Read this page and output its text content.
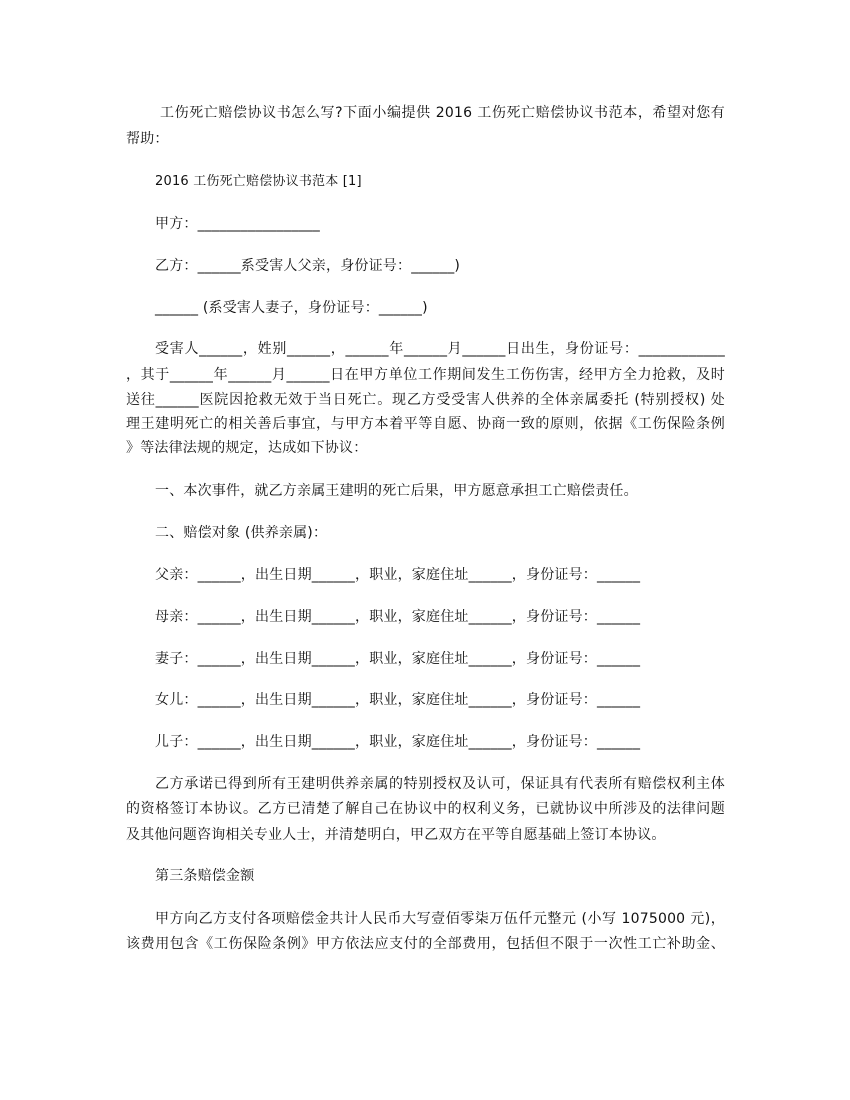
工伤死亡赔偿协议书怎么写?下面小编提供 2016 工伤死亡赔偿协议书范本，希望对您有
帮助：
2016 工伤死亡赔偿协议书范本 [1]
甲方：_________________
乙方：______系受害人父亲，身份证号：______)
______ (系受害人妻子，身份证号：______)
受害人______，姓别______，______年______月______日出生，身份证号：____________
，其于______年______月______日在甲方单位工作期间发生工伤伤害，经甲方全力抢救，及时
送往______医院因抢救无效于当日死亡。现乙方受受害人供养的全体亲属委托 (特别授权) 处
理王建明死亡的相关善后事宜，与甲方本着平等自愿、协商一致的原则，依据《工伤保险条例
》等法律法规的规定，达成如下协议：
一、本次事件，就乙方亲属王建明的死亡后果，甲方愿意承担工亡赔偿责任。
二、赔偿对象 (供养亲属)：
父亲：______，出生日期______，职业，家庭住址______，身份证号：______
母亲：______，出生日期______，职业，家庭住址______，身份证号：______
妻子：______，出生日期______，职业，家庭住址______，身份证号：______
女儿：______，出生日期______，职业，家庭住址______，身份证号：______
儿子：______，出生日期______，职业，家庭住址______，身份证号：______
乙方承诺已得到所有王建明供养亲属的特别授权及认可，保证具有代表所有赔偿权利主体
的资格签订本协议。乙方已清楚了解自己在协议中的权利义务，已就协议中所涉及的法律问题
及其他问题咨询相关专业人士，并清楚明白，甲乙双方在平等自愿基础上签订本协议。
第三条赔偿金额
甲方向乙方支付各项赔偿金共计人民币大写壹佰零柒万伍仟元整元 (小写 1075000 元)，
该费用包含《工伤保险条例》甲方依法应支付的全部费用，包括但不限于一次性工亡补助金、
